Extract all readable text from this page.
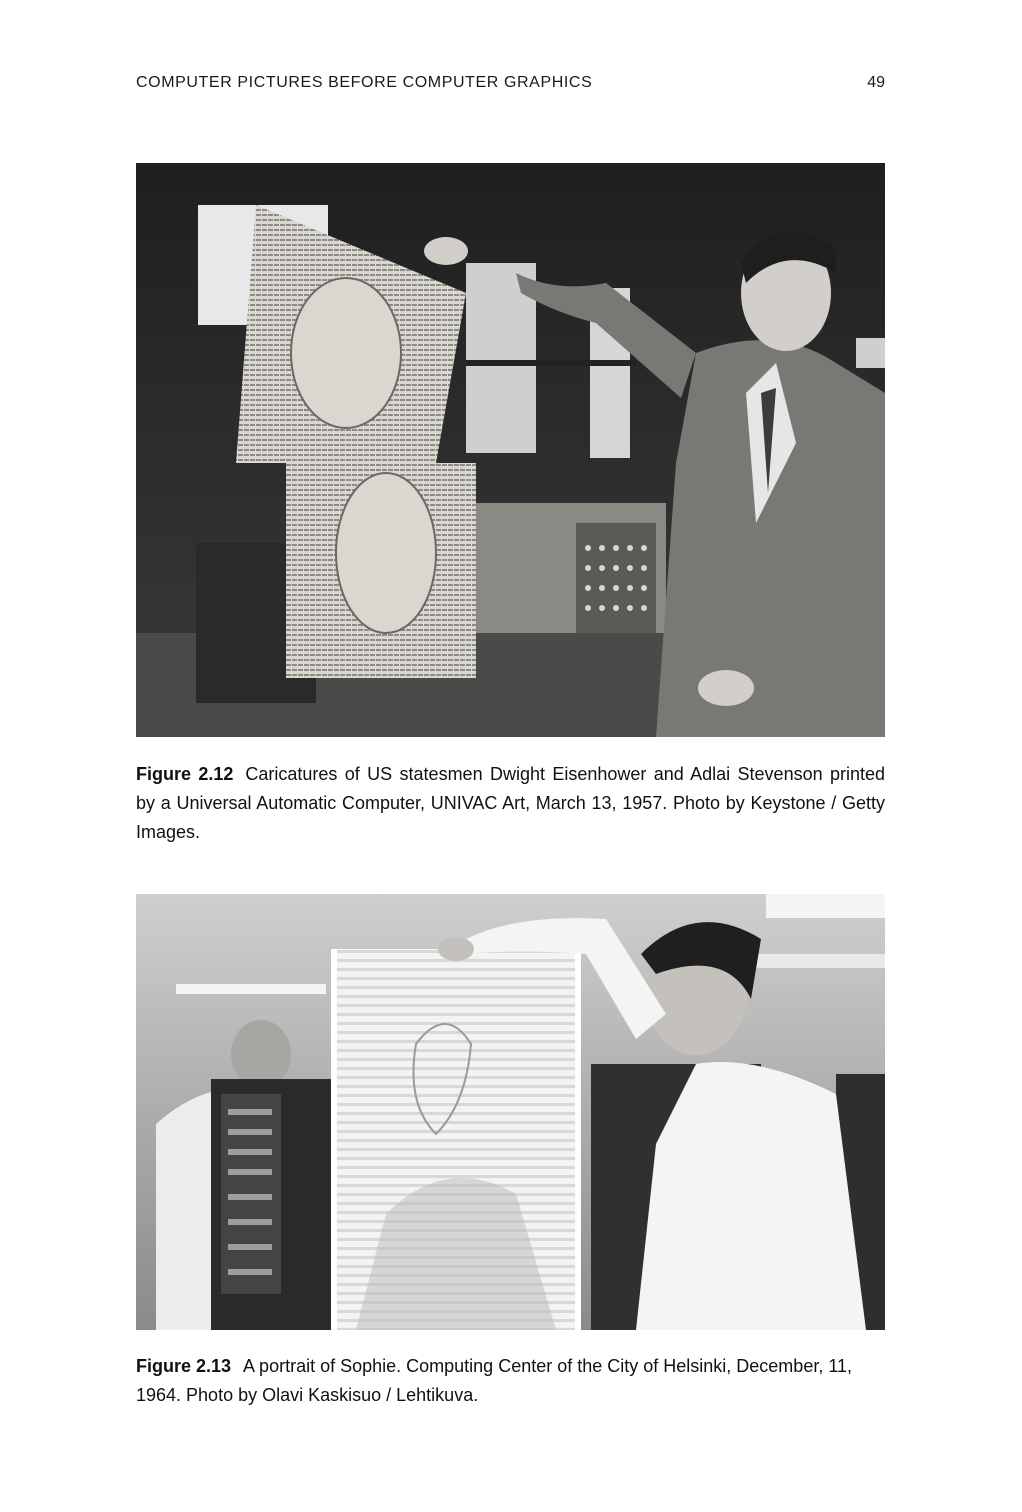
COMPUTER PICTURES BEFORE COMPUTER GRAPHICS	49
Figure 2.12 Caricatures of US statesmen Dwight Eisenhower and Adlai Stevenson printed by a Universal Automatic Computer, UNIVAC Art, March 13, 1957. Photo by Keystone / Getty Images.
Figure 2.13 A portrait of Sophie. Computing Center of the City of Helsinki, December, 11, 1964. Photo by Olavi Kaskisuo / Lehtikuva.
